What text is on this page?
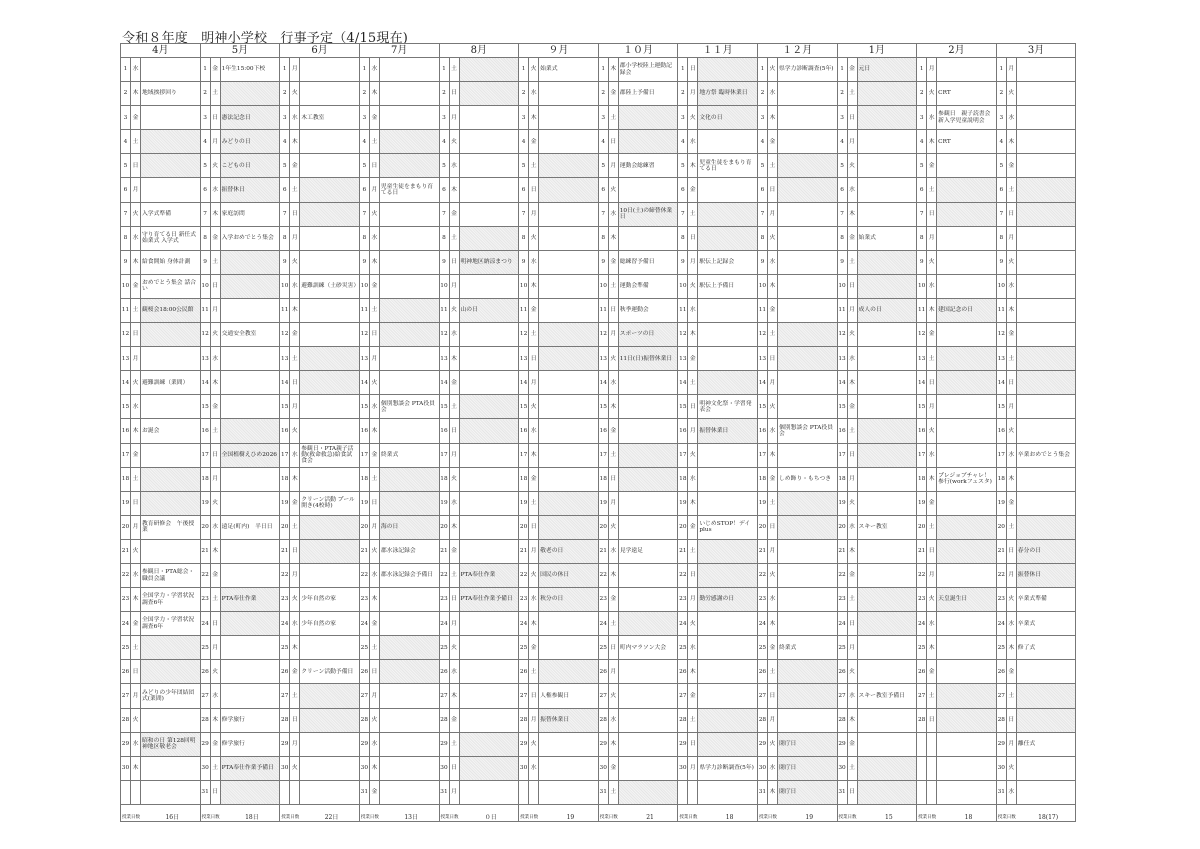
令和８年度　明神小学校　行事予定（4/15現在)
4月			5月			6月			7月			8月			９月			１０月			１１月			１２月			1月			2月			3月		
1	水		1	金	1年生15:00下校	1	月		1	水		1	土		1	火	始業式	1	木	郡小学校陸上運動記録会	1	日		1	火	県学力診断調査(5年)	1	金	元日	1	月		1	月	
2	木	地域挨拶回り	2	土		2	火		2	木		2	日		2	水		2	金	郡陸上予備日	2	月	地方祭 臨時休業日	2	水		2	土		2	火	CRT	2	火	
3	金		3	日	憲法記念日	3	水	木工教室	3	金		3	月		3	木		3	土		3	火	文化の日	3	木		3	日		3	水	参観日　親子読書会　新入学児童説明会	3	水	
4	土		4	月	みどりの日	4	木		4	土		4	火		4	金		4	日		4	水		4	金		4	月		4	木	CRT	4	木	
5	日		5	火	こどもの日	5	金		5	日		5	水		5	土		5	月	運動会総練習	5	木	児童生徒をまもり育てる日	5	土		5	火		5	金		5	金	
6	月		6	水	振替休日	6	土		6	月	児童生徒をまもり育てる日	6	木		6	日		6	火		6	金		6	日		6	水		6	土		6	土	
7	火	入学式準備	7	木	家庭訪問	7	日		7	火		7	金		7	月		7	水	10日(土)の締替休業日	7	土		7	月		7	木		7	日		7	日	
8	水	守り育てる日 新任式　始業式 入学式	8	金	入学おめでとう集会	8	月		8	水		8	土		8	火		8	木		8	日		8	火		8	金	始業式	8	月		8	月	
9	木	給食開始 身体計測	9	土		9	火		9	木		9	日	明神地区納涼まつり	9	水		9	金	総練習予備日	9	月	駅伝上記録会	9	水		9	土		9	火		9	火	
10	金	おめでとう集会 話合い	10	日		10	水	避難訓練（土砂災害）	10	金		10	月		10	木		10	土	運動会準備	10	火	駅伝上予備日	10	木		10	日		10	水		10	水	
11	土	観桜会18:00公民館	11	月		11	木		11	土		11	火	山の日	11	金		11	日	秋季運動会	11	水		11	金		11	月	成人の日	11	木	建国記念の日	11	木	
12	日		12	火	交通安全教室	12	金		12	日		12	水		12	土		12	月	スポーツの日	12	木		12	土		12	火		12	金		12	金	
13	月		13	水		13	土		13	月		13	木		13	日		13	火	11日(日)振替休業日	13	金		13	日		13	水		13	土		13	土	
14	火	避難訓練（業間）	14	木		14	日		14	火		14	金		14	月		14	水		14	土		14	月		14	木		14	日		14	日	
15	水		15	金		15	月		15	水	個別懇談会 PTA役員会	15	土		15	火		15	木		15	日	明神文化祭・学習発表会	15	火		15	金		15	月		15	月	
16	木	お誕会	16	土		16	火		16	木		16	日		16	水		16	金		16	月	振替休業日	16	水	個別懇談会 PTA役員会	16	土		16	火		16	火	
17	金		17	日	全国植樹えひめ2026	17	水	参観日・PTA親子活動(救命救急)給食試食会	17	金	終業式	17	月		17	木		17	土		17	火		17	木		17	日		17	水		17	水	卒業おめでとう集会
18	土		18	月		18	木		18	土		18	火		18	金		18	日		18	水		18	金	しめ飾り・もちつき	18	月		18	木	プレジョブチャレ！参行(workフェスタ)	18	木	
19	日		19	火		19	金	クリーン活動 プール開き(4校時)	19	日		19	水		19	土		19	月		19	木		19	土		19	火		19	金		19	金	
20	月	教育研修会　午後授業	20	水	遠足(町内)　半日日	20	土		20	月	海の日	20	木		20	日		20	火		20	金	いじめSTOP！デイplus	20	日		20	水	スキー教室	20	土		20	土	
21	火		21	木		21	日		21	火	郡水泳記録会	21	金		21	月	敬老の日	21	水	見学遠足	21	土		21	月		21	木		21	日		21	日	春分の日
22	水	参観日・PTA総会・職員会議	22	金		22	月		22	水	郡水泳記録会予備日	22	土	PTA奉仕作業	22	火	国民の休日	22	木		22	日		22	火		22	金		22	月		22	月	振替休日
23	木	全国学力・学習状況調査6年	23	土	PTA奉仕作業	23	火	少年自然の家	23	木		23	日	PTA奉仕作業予備日	23	水	秋分の日	23	金		23	月	勤労感謝の日	23	水		23	土		23	火	天皇誕生日	23	火	卒業式準備
24	金	全国学力・学習状況調査6年	24	日		24	水	少年自然の家	24	金		24	月		24	木		24	土		24	火		24	木		24	日		24	水		24	水	卒業式
25	土		25	月		25	木		25	土		25	火		25	金		25	日	町内マラソン大会	25	水		25	金	終業式	25	月		25	木		25	木	修了式
26	日		26	火		26	金	クリーン活動予備日	26	日		26	水		26	土		26	月		26	木		26	土		26	火		26	金		26	金	
27	月	みどりの少年団結団式(業間)	27	水		27	土		27	月		27	木		27	日	人権参観日	27	火		27	金		27	日		27	水	スキー教室予備日	27	土		27	土	
28	火		28	木	修学旅行	28	日		28	火		28	金		28	月	振替休業日	28	水		28	土		28	月		28	木		28	日		28	日	
29	水	昭和の日 第128回明神地区敬老会	29	金	修学旅行	29	月		29	水		29	土		29	火		29	木		29	日		29	火	閉庁日	29	金					29	月	離任式
30	木		30	土	PTA奉仕作業予備日	30	火		30	木		30	日		30	水		30	金		30	月	県学力診断調査(5年)	30	水	閉庁日	30	土					30	火	
			31	日					31	金		31	月					31	土					31	木	閉庁日	31	日					31	水	
授業日数 16日			授業日数 18日			授業日数 22日			授業日数 13日			授業日数 ０日			授業日数 19			授業日数 21			授業日数 18			授業日数 19			授業日数 15			授業日数 18			授業日数 18(17)		
